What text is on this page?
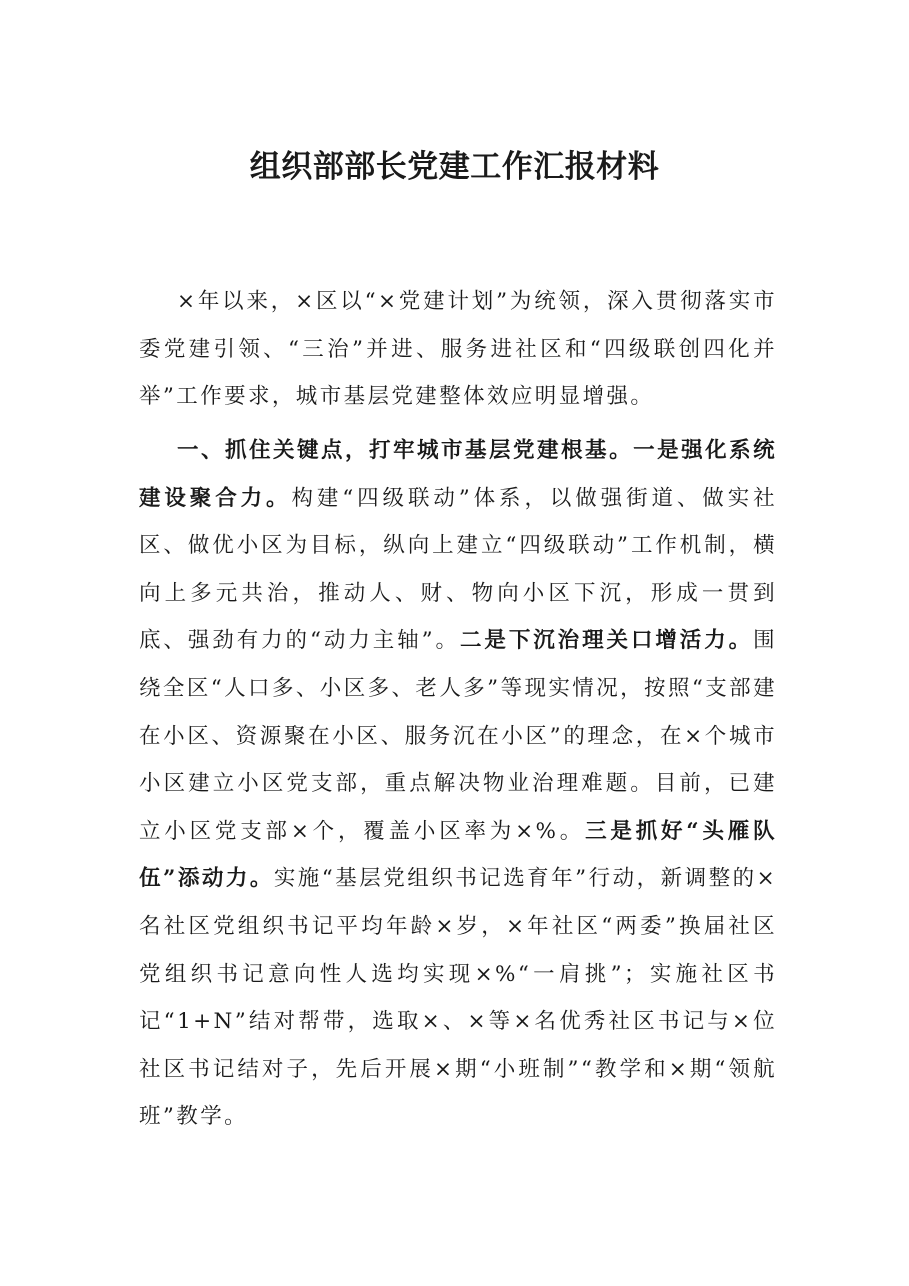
组织部部长党建工作汇报材料

×年以来，×区以“×党建计划”为统领，深入贯彻落实市委党建引领、“三治”并进、服务进社区和“四级联创四化并举”工作要求，城市基层党建整体效应明显增强。

一、抓住关键点，打牢城市基层党建根基。一是强化系统建设聚合力。构建“四级联动”体系，以做强街道、做实社区、做优小区为目标，纵向上建立“四级联动”工作机制，横向上多元共治，推动人、财、物向小区下沉，形成一贯到底、强劲有力的“动力主轴”。二是下沉治理关口增活力。围绕全区“人口多、小区多、老人多”等现实情况，按照“支部建在小区、资源聚在小区、服务沉在小区”的理念，在×个城市小区建立小区党支部，重点解决物业治理难题。目前，已建立小区党支部×个，覆盖小区率为×%。三是抓好“头雁队伍”添动力。实施“基层党组织书记选育年”行动，新调整的×名社区党组织书记平均年龄×岁，×年社区“两委”换届社区党组织书记意向性人选均实现×%“一肩挑”；实施社区书记“1+N”结对帮带，选取×、×等×名优秀社区书记与×位社区书记结对子，先后开展×期“小班制”“教学和×期“领航班”教学。
